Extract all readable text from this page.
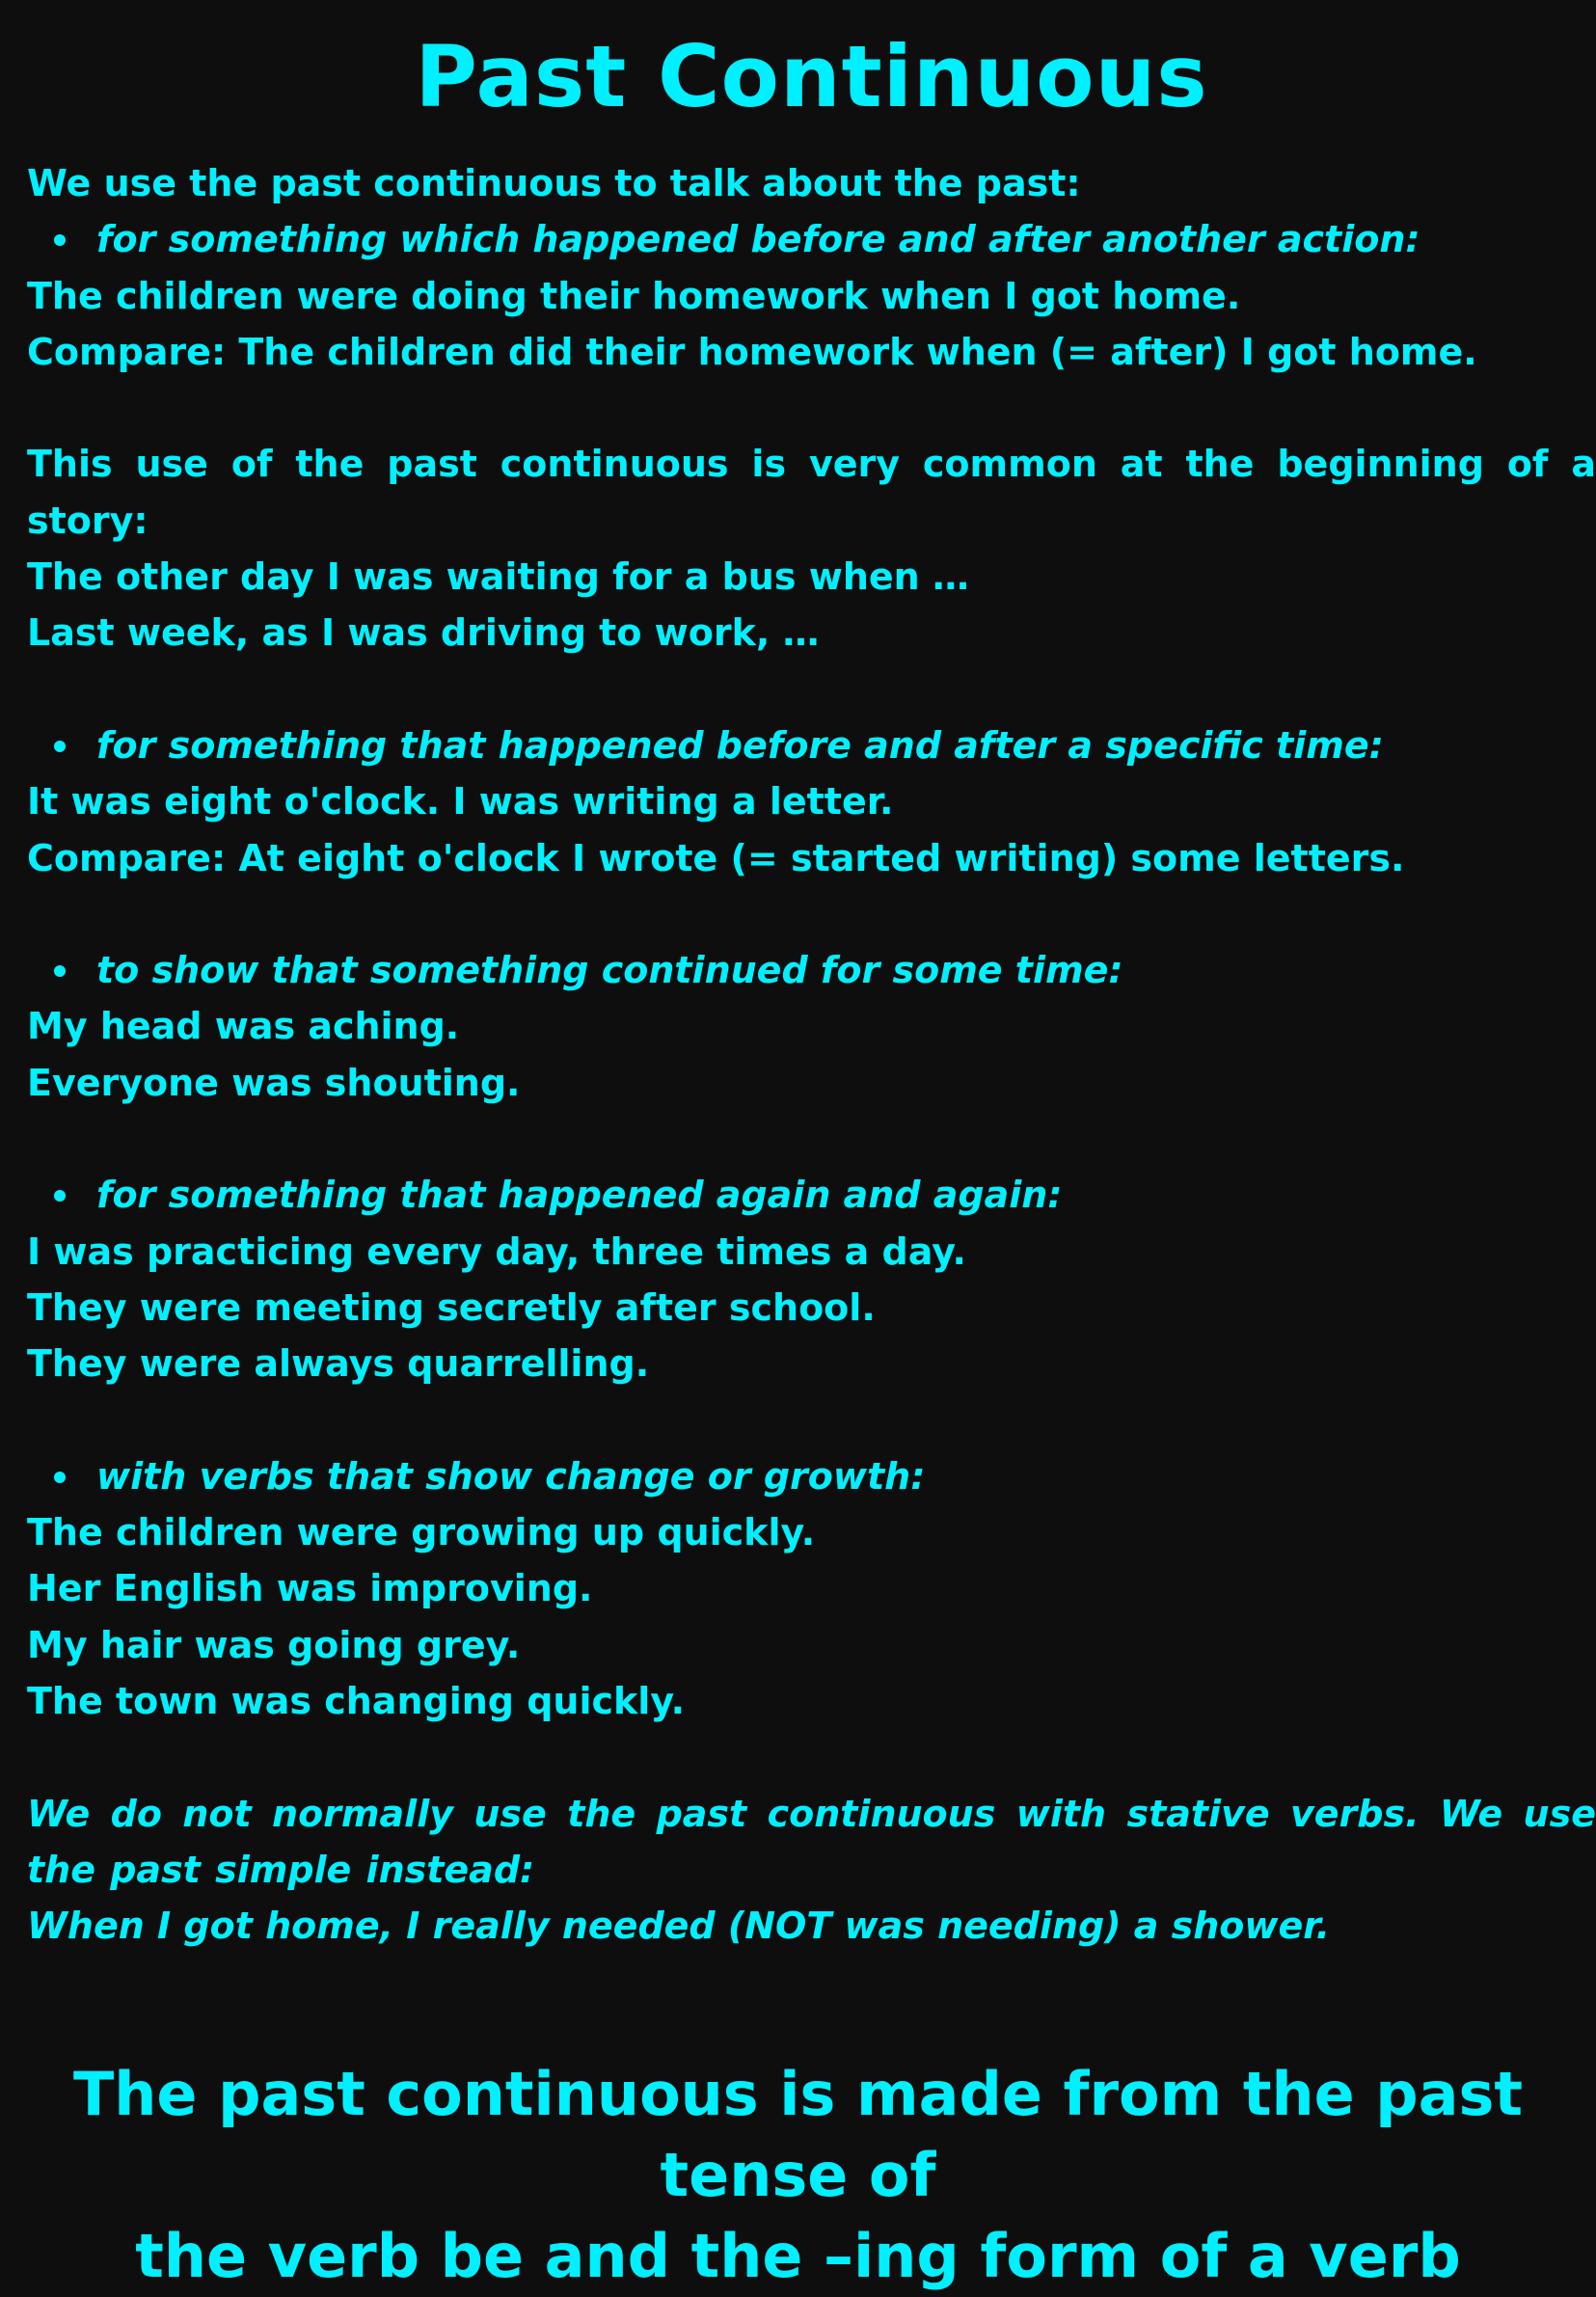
Past Continuous
We use the past continuous to talk about the past:
for something which happened before and after another action:
The children were doing their homework when I got home.
Compare: The children did their homework when (= after) I got home.
This use of the past continuous is very common at the beginning of a story:
The other day I was waiting for a bus when …
Last week, as I was driving to work, …
for something that happened before and after a specific time:
It was eight o'clock. I was writing a letter.
Compare: At eight o'clock I wrote (= started writing) some letters.
to show that something continued for some time:
My head was aching.
Everyone was shouting.
for something that happened again and again:
I was practicing every day, three times a day.
They were meeting secretly after school.
They were always quarrelling.
with verbs that show change or growth:
The children were growing up quickly.
Her English was improving.
My hair was going grey.
The town was changing quickly.
We do not normally use the past continuous with stative verbs. We use the past simple instead:
When I got home, I really needed (NOT was needing) a shower.
The past continuous is made from the past tense of
the verb be and the –ing form of a verb
